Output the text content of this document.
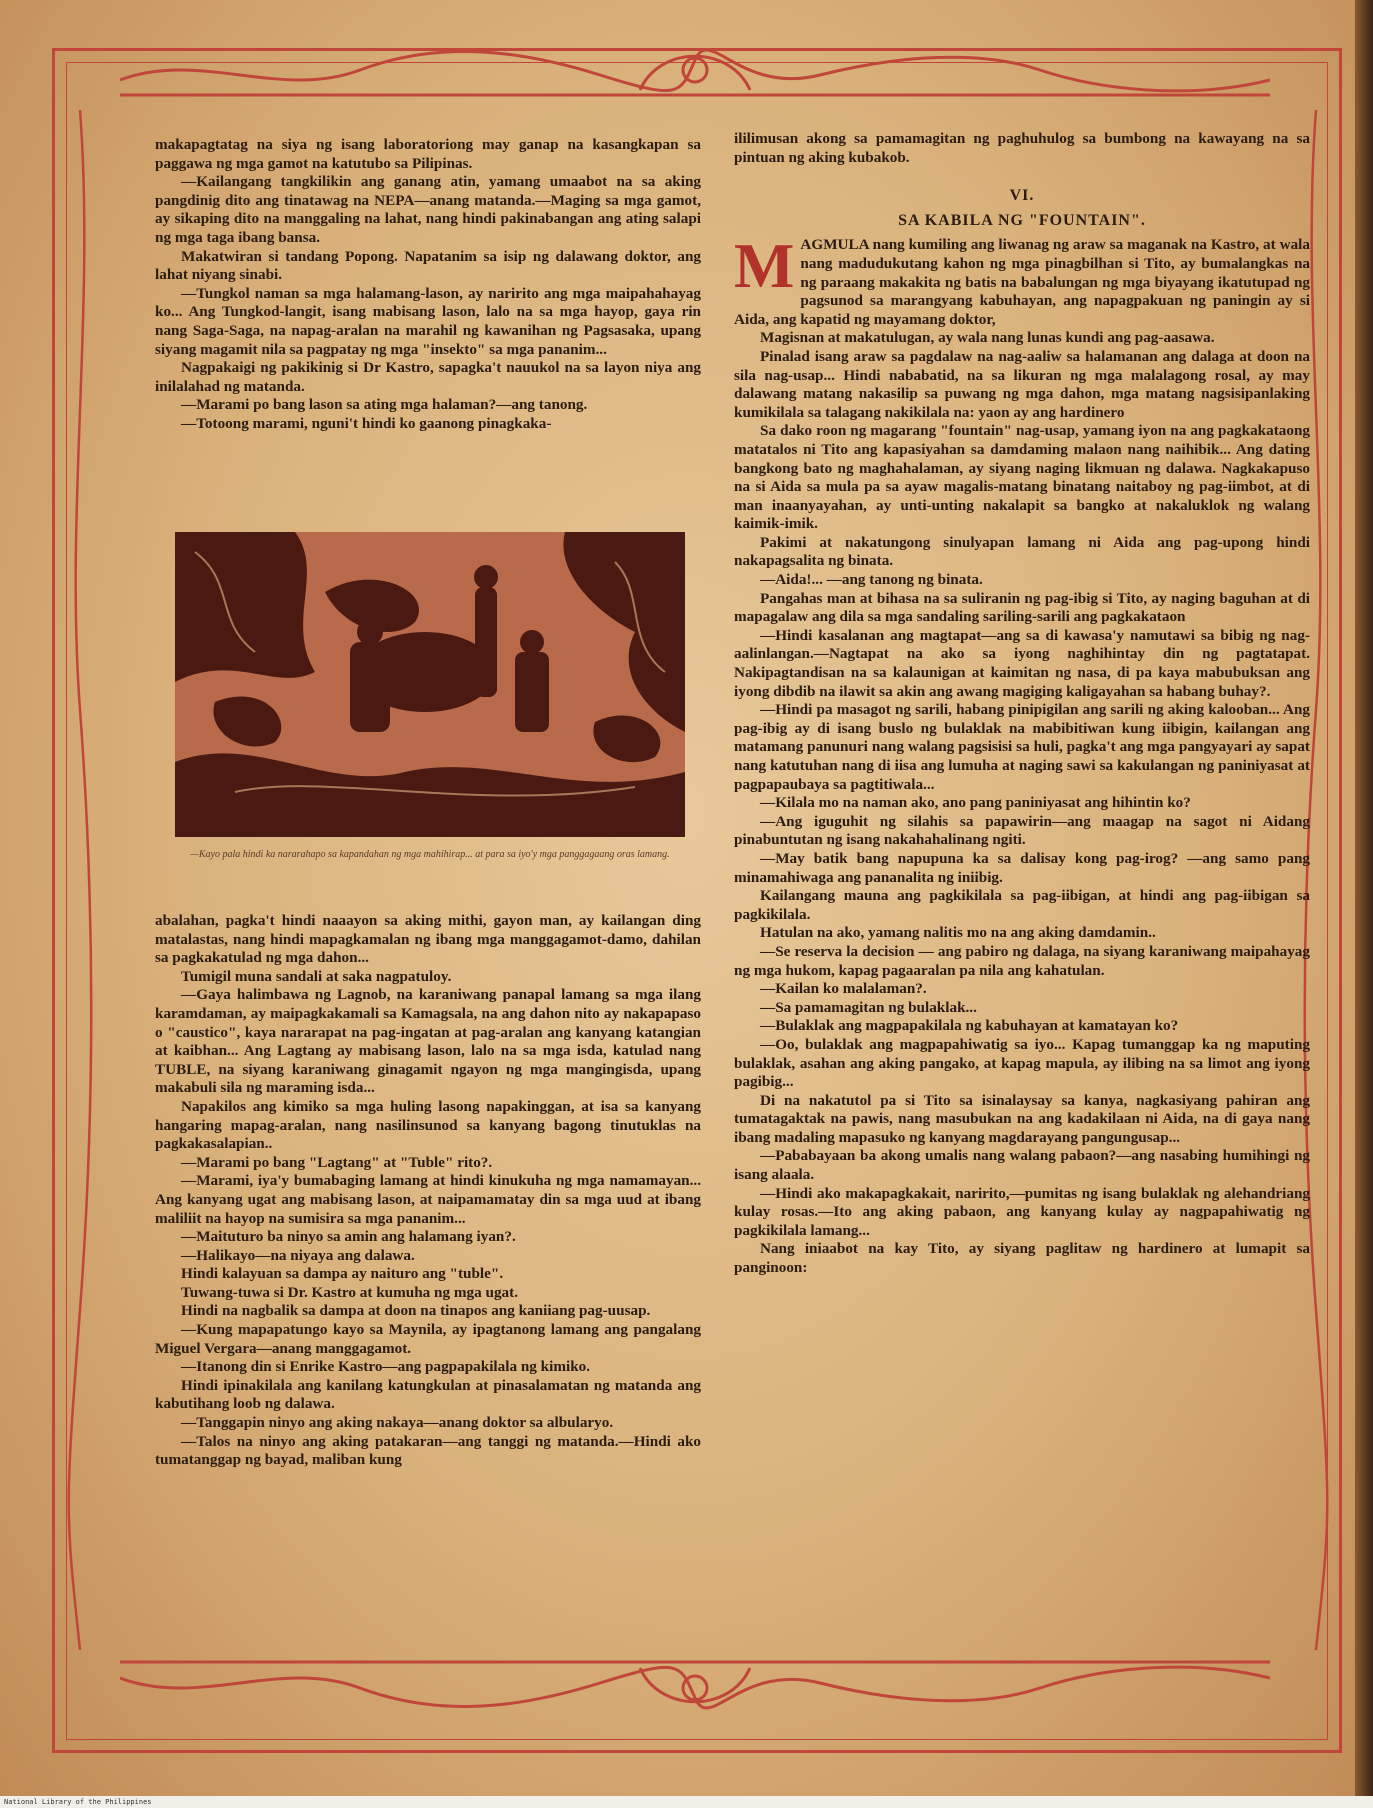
makapagtatag na siya ng isang laboratoriong may ganap na kasangkapan sa paggawa ng mga gamot na katutubo sa Pilipinas.

—Kailangang tangkilikin ang ganang atin, yamang umaabot na sa aking pangdinig dito ang tinatawag na NEPA—anang matanda.—Maging sa mga gamot, ay sikaping dito na manggaling na lahat, nang hindi pakinabangan ang ating salapi ng mga taga ibang bansa.

Makatwiran si tandang Popong. Napatanim sa isip ng dalawang doktor, ang lahat niyang sinabi.

—Tungkol naman sa mga halamang-lason, ay naririto ang mga maipahahayag ko... Ang Tungkod-langit, isang mabisang lason, lalo na sa mga hayop, gaya rin nang Saga-Saga, na napag-aralan na marahil ng kawanihan ng Pagsasaka, upang siyang magamit nila sa pagpatay ng mga "insekto" sa mga pananim...

Nagpakaigi ng pakikinig si Dr Kastro, sapagka't nauukol na sa layon niya ang inilalahad ng matanda.

—Marami po bang lason sa ating mga halaman?—ang tanong.

—Totoong marami, nguni't hindi ko gaanong pinagkaka-

—Kayo pala hindi ka nararahapo sa kapandahan ng mga mahihirap... at para sa iyo'y mga panggagaang oras lamang.

abalahan, pagka't hindi naaayon sa aking mithi, gayon man, ay kailangan ding matalastas, nang hindi mapagkamalan ng ibang mga manggagamot-damo, dahilan sa pagkakatulad ng mga dahon...

Tumigil muna sandali at saka nagpatuloy.

—Gaya halimbawa ng Lagnob, na karaniwang panapal lamang sa mga ilang karamdaman, ay maipagkakamali sa Kamagsala, na ang dahon nito ay nakapapaso o "caustico", kaya nararapat na pag-ingatan at pag-aralan ang kanyang katangian at kaibhan... Ang Lagtang ay mabisang lason, lalo na sa mga isda, katulad nang TUBLE, na siyang karaniwang ginagamit ngayon ng mga mangingisda, upang makabuli sila ng maraming isda...

Napakilos ang kimiko sa mga huling lasong napakinggan, at isa sa kanyang hangaring mapag-aralan, nang nasilinsunod sa kanyang bagong tinutuklas na pagkakasalapian..

—Marami po bang "Lagtang" at "Tuble" rito?.

—Marami, iya'y bumabaging lamang at hindi kinukuha ng mga namamayan... Ang kanyang ugat ang mabisang lason, at naipamamatay din sa mga uud at ibang maliliit na hayop na sumisira sa mga pananim...

—Maituturo ba ninyo sa amin ang halamang iyan?.

—Halikayo—na niyaya ang dalawa.

Hindi kalayuan sa dampa ay naituro ang "tuble".

Tuwang-tuwa si Dr. Kastro at kumuha ng mga ugat.

Hindi na nagbalik sa dampa at doon na tinapos ang kaniiang pag-uusap.

—Kung mapapatungo kayo sa Maynila, ay ipagtanong lamang ang pangalang Miguel Vergara—anang manggagamot.

—Itanong din si Enrike Kastro—ang pagpapakilala ng kimiko.

Hindi ipinakilala ang kanilang katungkulan at pinasalamatan ng matanda ang kabutihang loob ng dalawa.

—Tanggapin ninyo ang aking nakaya—anang doktor sa albularyo.

—Talos na ninyo ang aking patakaran—ang tanggi ng matanda.—Hindi ako tumatanggap ng bayad, maliban kung

ililimusan akong sa pamamagitan ng paghuhulog sa bumbong na kawayang na sa pintuan ng aking kubakob.

VI.

SA KABILA NG "FOUNTAIN".

MAGMULA nang kumiling ang liwanag ng araw sa maganak na Kastro, at wala nang madudukutang kahon ng mga pinagbilhan si Tito, ay bumalangkas na ng paraang makakita ng batis na babalungan ng mga biyayang ikatutupad ng pagsunod sa marangyang kabuhayan, ang napagpakuan ng paningin ay si Aida, ang kapatid ng mayamang doktor,

Magisnan at makatulugan, ay wala nang lunas kundi ang pag-aasawa.

Pinalad isang araw sa pagdalaw na nag-aaliw sa halamanan ang dalaga at doon na sila nag-usap... Hindi nababatid, na sa likuran ng mga malalagong rosal, ay may dalawang matang nakasilip sa puwang ng mga dahon, mga matang nagsisipanlaking kumikilala sa talagang nakikilala na: yaon ay ang hardinero

Sa dako roon ng magarang "fountain" nag-usap, yamang iyon na ang pagkakataong matatalos ni Tito ang kapasiyahan sa damdaming malaon nang naihibik... Ang dating bangkong bato ng maghahalaman, ay siyang naging likmuan ng dalawa. Nagkakapuso na si Aida sa mula pa sa ayaw magalis-matang binatang naitaboy ng pag-iimbot, at di man inaanyayahan, ay unti-unting nakalapit sa bangko at nakaluklok ng walang kaimik-imik.

Pakimi at nakatungong sinulyapan lamang ni Aida ang pag-upong hindi nakapagsalita ng binata.

—Aida!... —ang tanong ng binata.

Pangahas man at bihasa na sa suliranin ng pag-ibig si Tito, ay naging baguhan at di mapagalaw ang dila sa mga sandaling sariling-sarili ang pagkakataon

—Hindi kasalanan ang magtapat—ang sa di kawasa'y namutawi sa bibig ng nag-aalinlangan.—Nagtapat na ako sa iyong naghihintay din ng pagtatapat. Nakipagtandisan na sa kalaunigan at kaimitan ng nasa, di pa kaya mabubuksan ang iyong dibdib na ilawit sa akin ang awang magiging kaligayahan sa habang buhay?.

—Hindi pa masagot ng sarili, habang pinipigilan ang sarili ng aking kalooban... Ang pag-ibig ay di isang buslo ng bulaklak na mabibitiwan kung iibigin, kailangan ang matamang panunuri nang walang pagsisisi sa huli, pagka't ang mga pangyayari ay sapat nang katutuhan nang di iisa ang lumuha at naging sawi sa kakulangan ng paniniyasat at pagpapaubaya sa pagtitiwala...

—Kilala mo na naman ako, ano pang paniniyasat ang hihintin ko?

—Ang iguguhit ng silahis sa papawirin—ang maagap na sagot ni Aidang pinabuntutan ng isang nakahahalinang ngiti.

—May batik bang napupuna ka sa dalisay kong pag-irog? —ang samo pang minamahiwaga ang pananalita ng iniibig.

Kailangang mauna ang pagkikilala sa pag-iibigan, at hindi ang pag-iibigan sa pagkikilala.

Hatulan na ako, yamang nalitis mo na ang aking damdamin..

—Se reserva la decision — ang pabiro ng dalaga, na siyang karaniwang maipahayag ng mga hukom, kapag pagaaralan pa nila ang kahatulan.

—Kailan ko malalaman?.

—Sa pamamagitan ng bulaklak...

—Bulaklak ang magpapakilala ng kabuhayan at kamatayan ko?

—Oo, bulaklak ang magpapahiwatig sa iyo... Kapag tumanggap ka ng maputing bulaklak, asahan ang aking pangako, at kapag mapula, ay ilibing na sa limot ang iyong pagibig...

Di na nakatutol pa si Tito sa isinalaysay sa kanya, nagkasiyang pahiran ang tumatagaktak na pawis, nang masubukan na ang kadakilaan ni Aida, na di gaya nang ibang madaling mapasuko ng kanyang magdarayang pangungusap...

—Pababayaan ba akong umalis nang walang pabaon?—ang nasabing humihingi ng isang alaala.

—Hindi ako makapagkakait, naririto,—pumitas ng isang bulaklak ng alehandriang kulay rosas.—Ito ang aking pabaon, ang kanyang kulay ay nagpapahiwatig ng pagkikilala lamang...

Nang iniaabot na kay Tito, ay siyang paglitaw ng hardinero at lumapit sa panginoon:

National Library of the Philippines
